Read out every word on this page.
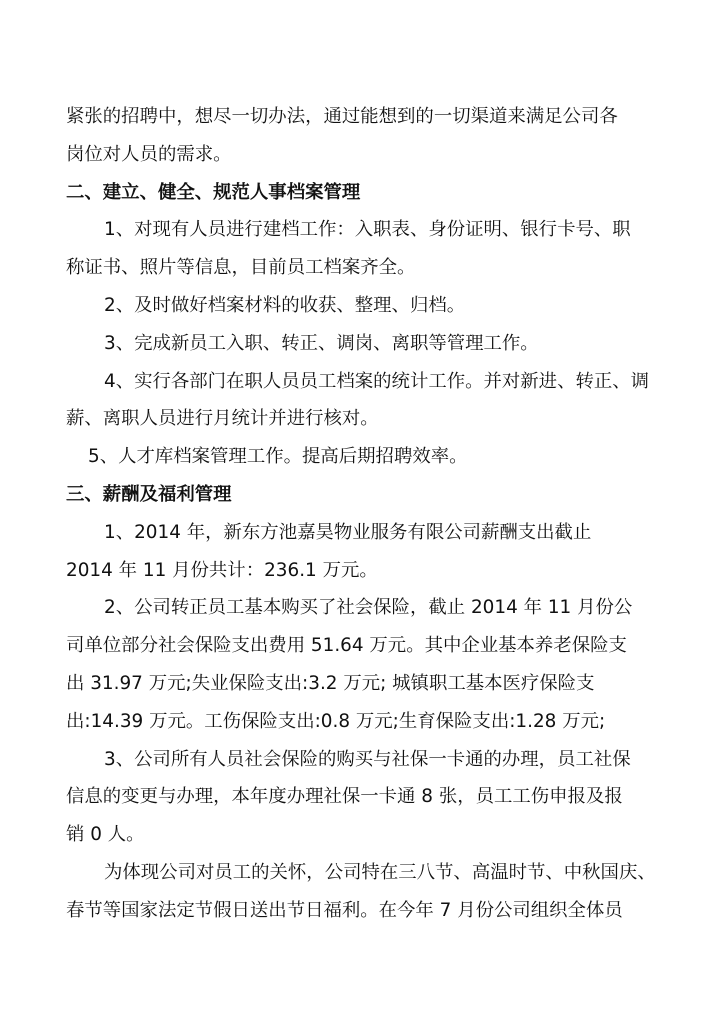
紧张的招聘中，想尽一切办法，通过能想到的一切渠道来满足公司各
岗位对人员的需求。
二、建立、健全、规范人事档案管理
1、对现有人员进行建档工作：入职表、身份证明、银行卡号、职
称证书、照片等信息，目前员工档案齐全。
2、及时做好档案材料的收获、整理、归档。
3、完成新员工入职、转正、调岗、离职等管理工作。
4、实行各部门在职人员员工档案的统计工作。并对新进、转正、调
薪、离职人员进行月统计并进行核对。
5、人才库档案管理工作。提高后期招聘效率。
三、薪酬及福利管理
1、2014 年，新东方池嘉昊物业服务有限公司薪酬支出截止
2014 年 11 月份共计：236.1 万元。
2、公司转正员工基本购买了社会保险，截止 2014 年 11 月份公
司单位部分社会保险支出费用 51.64 万元。其中企业基本养老保险支
出 31.97 万元;失业保险支出:3.2 万元; 城镇职工基本医疗保险支
出:14.39 万元。工伤保险支出:0.8 万元;生育保险支出:1.28 万元;
3、公司所有人员社会保险的购买与社保一卡通的办理，员工社保
信息的变更与办理，本年度办理社保一卡通 8 张，员工工伤申报及报
销 0 人。
为体现公司对员工的关怀，公司特在三八节、高温时节、中秋国庆、
春节等国家法定节假日送出节日福利。在今年 7 月份公司组织全体员
